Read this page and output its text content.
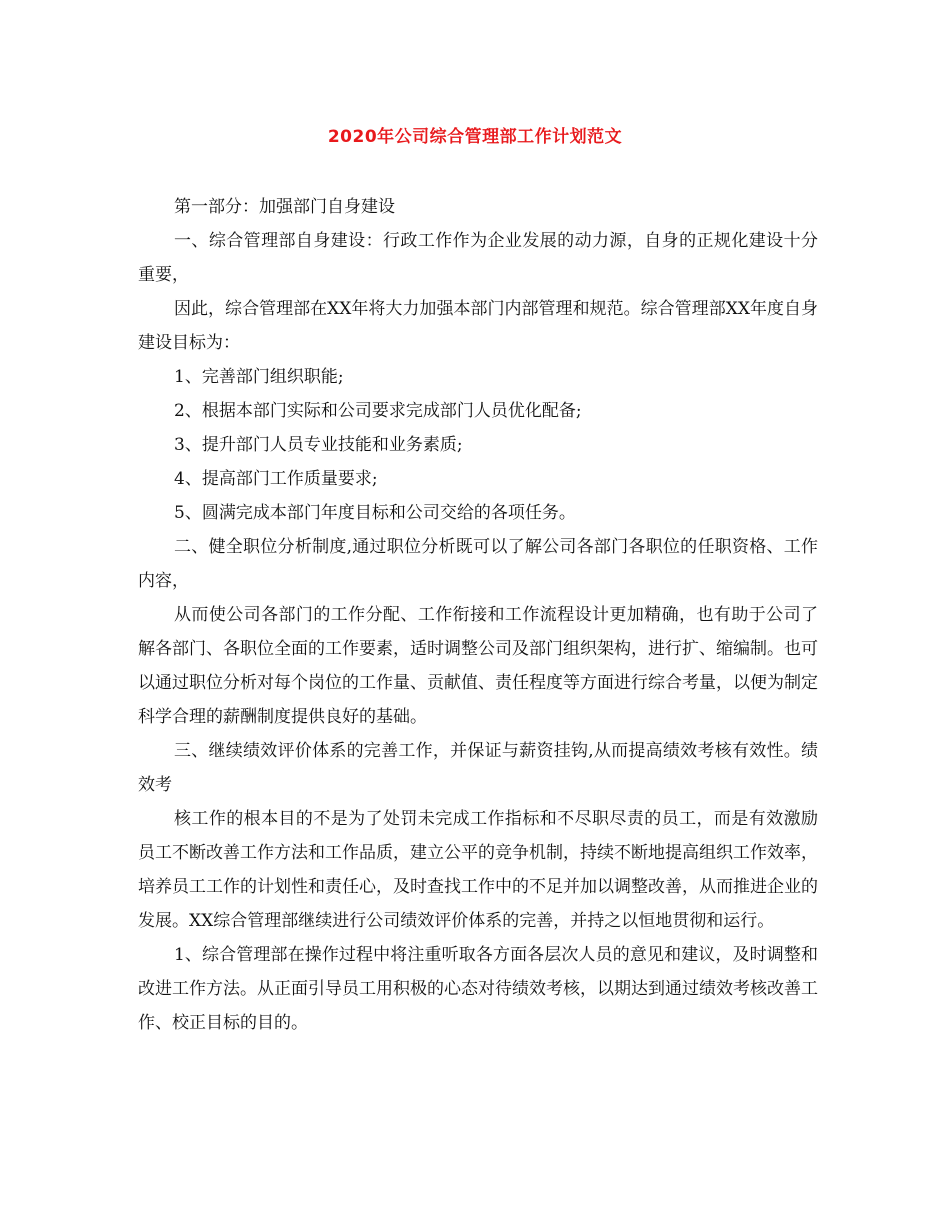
2020年公司综合管理部工作计划范文

第一部分：加强部门自身建设

一、综合管理部自身建设：行政工作作为企业发展的动力源，自身的正规化建设十分重要，

因此，综合管理部在XX年将大力加强本部门内部管理和规范。综合管理部XX年度自身建设目标为：

1、完善部门组织职能;

2、根据本部门实际和公司要求完成部门人员优化配备;

3、提升部门人员专业技能和业务素质;

4、提高部门工作质量要求;

5、圆满完成本部门年度目标和公司交给的各项任务。

二、健全职位分析制度,通过职位分析既可以了解公司各部门各职位的任职资格、工作内容，

从而使公司各部门的工作分配、工作衔接和工作流程设计更加精确，也有助于公司了解各部门、各职位全面的工作要素，适时调整公司及部门组织架构，进行扩、缩编制。也可以通过职位分析对每个岗位的工作量、贡献值、责任程度等方面进行综合考量，以便为制定科学合理的薪酬制度提供良好的基础。

三、继续绩效评价体系的完善工作，并保证与薪资挂钩,从而提高绩效考核有效性。绩效考

核工作的根本目的不是为了处罚未完成工作指标和不尽职尽责的员工，而是有效激励员工不断改善工作方法和工作品质，建立公平的竞争机制，持续不断地提高组织工作效率，培养员工工作的计划性和责任心，及时查找工作中的不足并加以调整改善，从而推进企业的发展。XX综合管理部继续进行公司绩效评价体系的完善，并持之以恒地贯彻和运行。

1、综合管理部在操作过程中将注重听取各方面各层次人员的意见和建议，及时调整和改进工作方法。从正面引导员工用积极的心态对待绩效考核，以期达到通过绩效考核改善工作、校正目标的目的。
